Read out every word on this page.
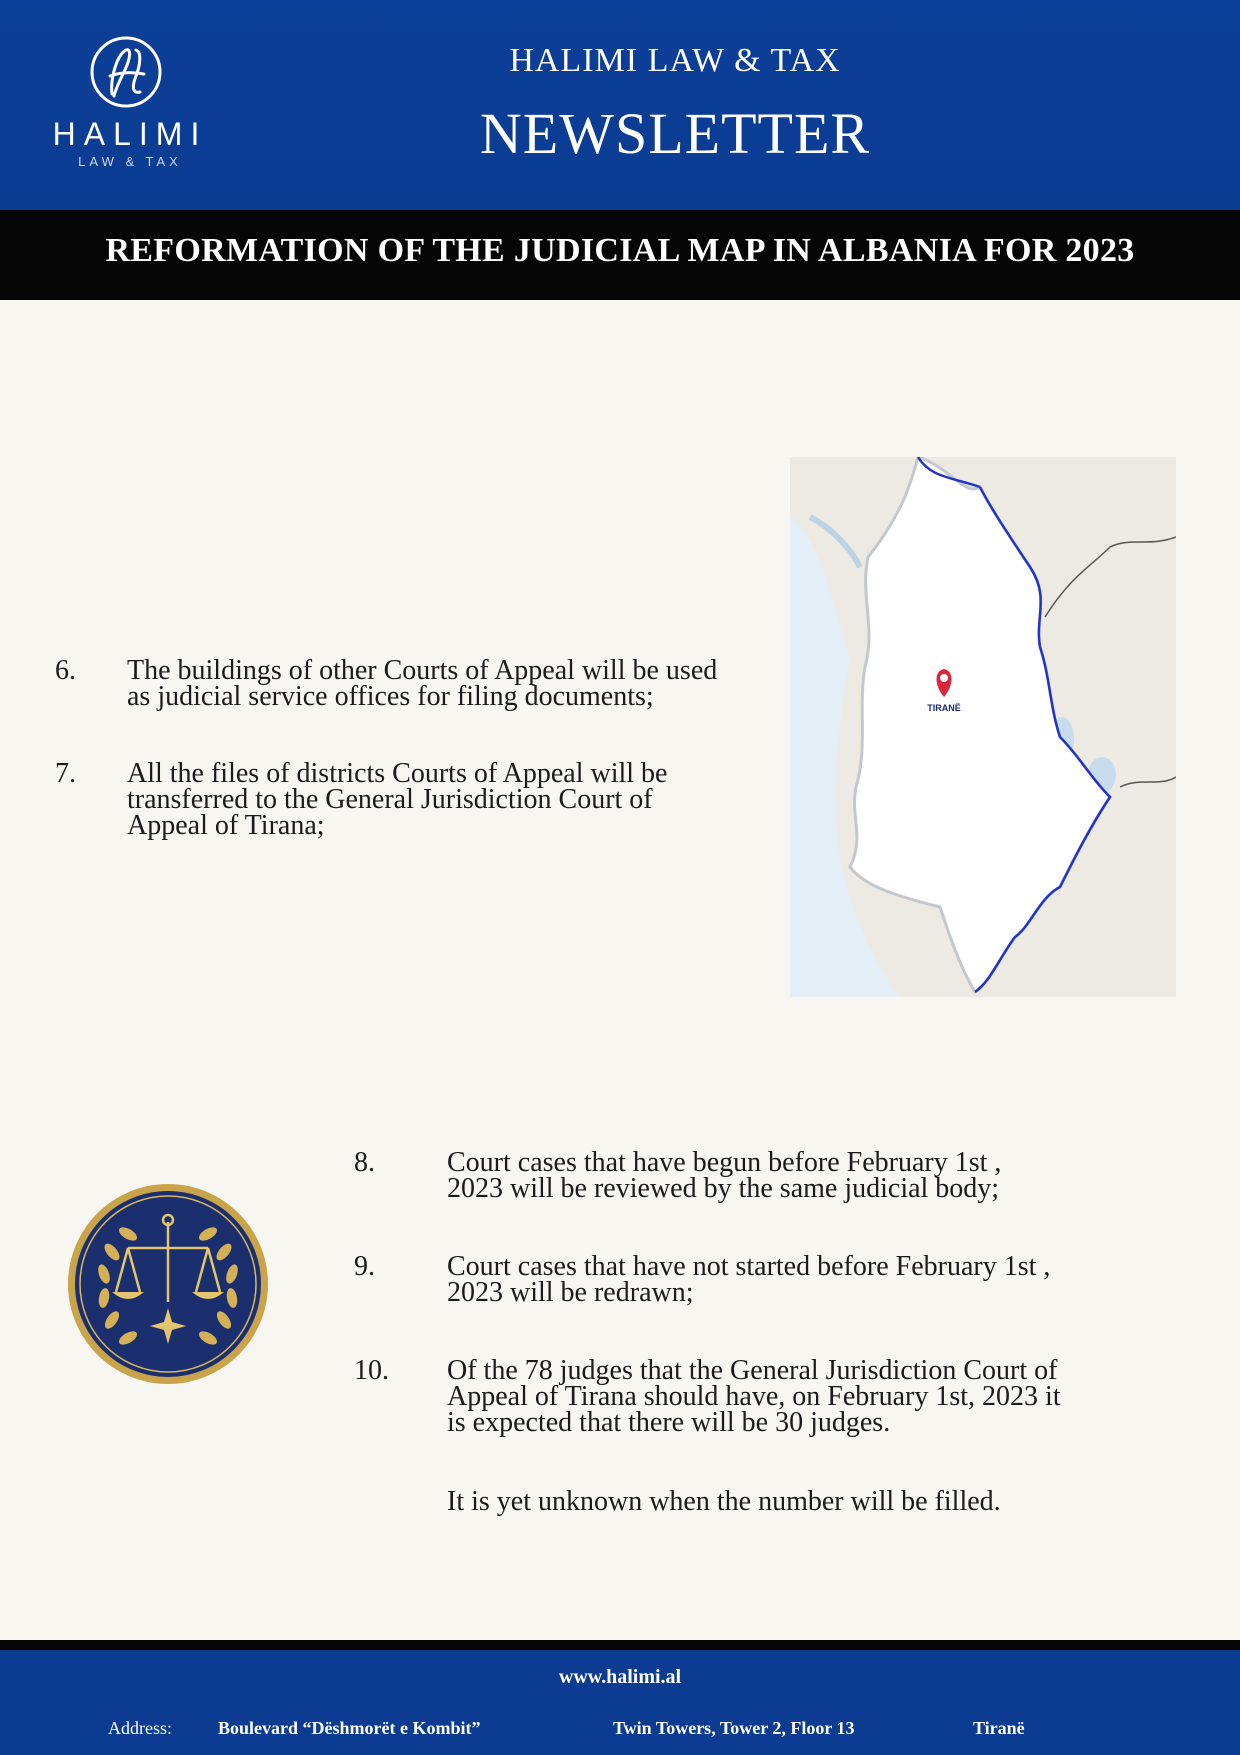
HALIMI
LAW & TAX
HALIMI LAW & TAX
NEWSLETTER
REFORMATION OF THE JUDICIAL MAP IN ALBANIA FOR 2023
6. The buildings of other Courts of Appeal will be used
as judicial service offices for filing documents;
7. All the files of districts Courts of Appeal will be
transferred to the General Jurisdiction Court of
Appeal of Tirana;
TIRANË
8.	Court cases that have begun before February 1st ,
2023 will be reviewed by the same judicial body;
9.	Court cases that have not started before February 1st ,
2023 will be redrawn;
10. Of the 78 judges that the General Jurisdiction Court of
Appeal of Tirana should have, on February 1st, 2023 it
is expected that there will be 30 judges.
It is yet unknown when the number will be filled.
www.halimi.al
Address:	Boulevard “Dëshmorët e Kombit”	Twin Towers, Tower 2, Floor 13	Tiranë
